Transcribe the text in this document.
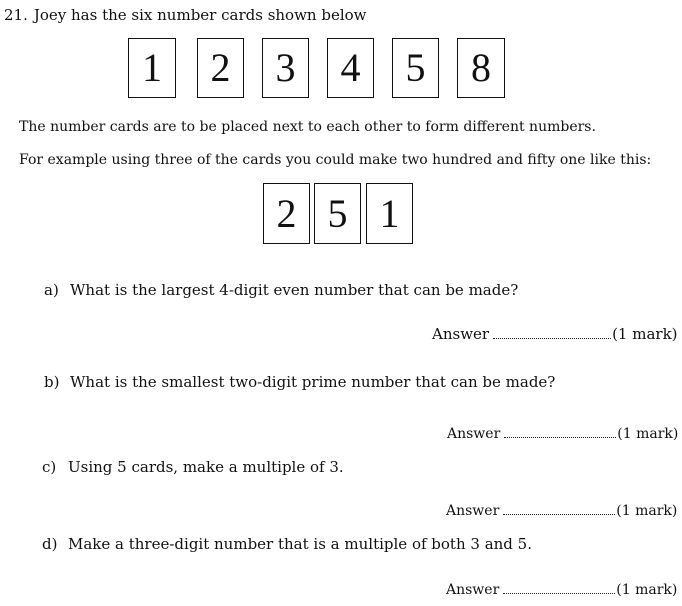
21. Joey has the six number cards shown below
1	2	3	4	5	8
The number cards are to be placed next to each other to form different numbers.
For example using three of the cards you could make two hundred and fifty one like this:
2 5 1
a) What is the largest 4-digit even number that can be made?
Answer	(1 mark)
b) What is the smallest two-digit prime number that can be made?
Answer	(1 mark)
c) Using 5 cards, make a multiple of 3.
Answer	(1 mark)
d) Make a three-digit number that is a multiple of both 3 and 5.
Answer	(1 mark)
